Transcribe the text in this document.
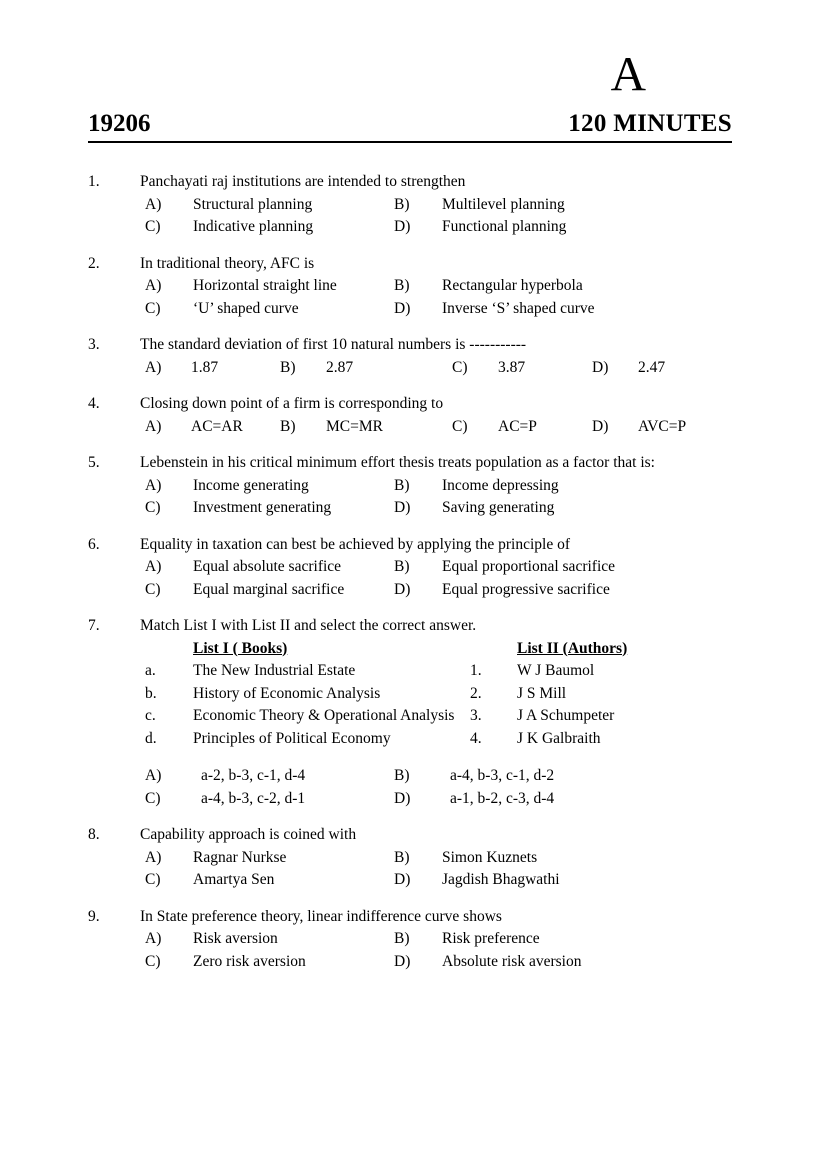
A
19206	120 MINUTES
1.	Panchayati raj institutions are intended to strengthen
A)	Structural planning	B)	Multilevel planning
C)	Indicative planning	D)	Functional planning
2.	In traditional theory, AFC is
A)	Horizontal straight line	B)	Rectangular hyperbola
C)	‘U’ shaped curve	D)	Inverse ‘S’ shaped curve
3.	The standard deviation of first 10 natural numbers is -----------
A)	1.87	B)	2.87	C)	3.87	D)	2.47
4.	Closing down point of a firm is corresponding to
A)	AC=AR B)	MC=MR	C)	AC=P	D)	AVC=P
5.	Lebenstein in his critical minimum effort thesis treats population as a factor that is:
A)	Income generating	B)	Income depressing
C)	Investment generating	D)	Saving generating
6.	Equality in taxation can best be achieved by applying the principle of
A)	Equal absolute sacrifice	B)	Equal proportional sacrifice
C)	Equal marginal sacrifice	D)	Equal progressive sacrifice
7.	Match List I with List II and select the correct answer.
List I ( Books)	List II (Authors)
a.	The New Industrial Estate	1.	W J Baumol
b.	History of Economic Analysis	2.	J S Mill
c.	Economic Theory & Operational Analysis 3.	J A Schumpeter
d.	Principles of Political Economy	4.	J K Galbraith
A)	a-2, b-3, c-1, d-4	B)	a-4, b-3, c-1, d-2
C)	a-4, b-3, c-2, d-1	D)	a-1, b-2, c-3, d-4
8.	Capability approach is coined with
A)	Ragnar Nurkse	B)	Simon Kuznets
C)	Amartya Sen	D)	Jagdish Bhagwathi
9.	In State preference theory, linear indifference curve shows
A)	Risk aversion	B)	Risk preference
C)	Zero risk aversion	D)	Absolute risk aversion
